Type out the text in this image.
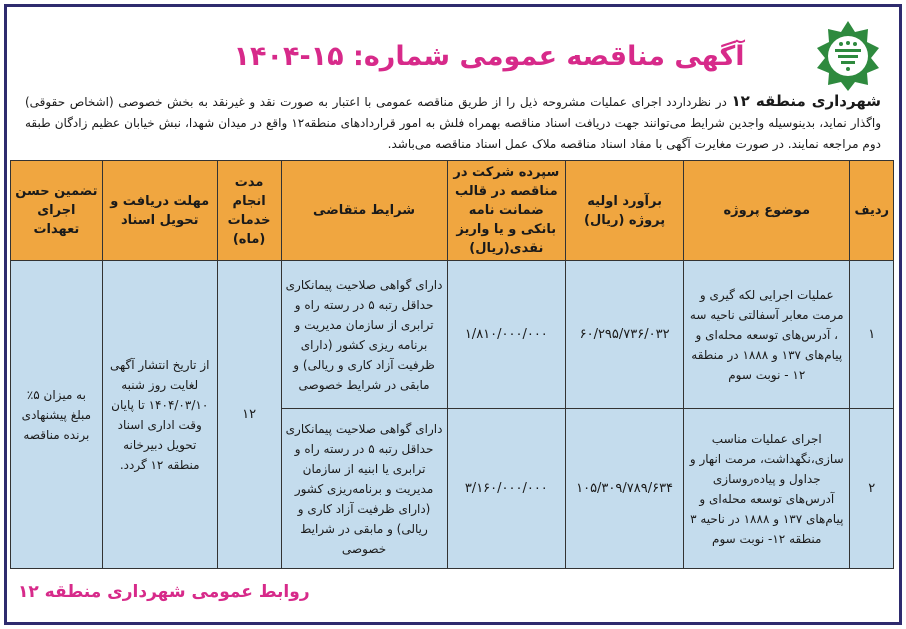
آگهی مناقصه عمومی شماره: ۱۵-۱۴۰۴
شهرداری منطقه ۱۲ در نظرداردد اجرای عملیات مشروحه ذیل را از طریق مناقصه عمومی با اعتبار به صورت نقد و غیرنقد به بخش خصوصی (اشخاص حقوقی) واگذار نماید، بدینوسیله واجدین شرایط می‌توانند جهت دریافت اسناد مناقصه بهمراه فلش به امور قراردادهای منطقه۱۲ واقع در میدان شهدا، نبش خیابان عظیم زادگان طبقه دوم مراجعه نمایند. در صورت مغایرت آگهی با مفاد اسناد مناقصه ملاک عمل اسناد مناقصه می‌باشد.
ردیف	موضوع پروژه	برآورد اولیه پروژه (ریال)	سپرده شرکت در مناقصه در قالب ضمانت نامه بانکی و یا واریز نقدی(ریال)	شرایط متقاضی	مدت انجام خدمات (ماه)	مهلت دریافت و تحویل اسناد	تضمین حسن اجرای تعهدات
۱	عملیات اجرایی لکه گیری و مرمت معابر آسفالتی ناحیه سه ، آدرس‌های توسعه محله‌ای و پیام‌های ۱۳۷ و ۱۸۸۸ در منطقه ۱۲ - نوبت سوم	۶۰/۲۹۵/۷۳۶/۰۳۲	۱/۸۱۰/۰۰۰/۰۰۰	دارای گواهی صلاحیت پیمانکاری حداقل رتبه ۵ در رسته راه و ترابری از سازمان مدیریت و برنامه ریزی کشور (دارای ظرفیت آزاد کاری و ریالی) و مابقی در شرایط خصوصی	۱۲	از تاریخ انتشار آگهی لغایت روز شنبه ۱۴۰۴/۰۳/۱۰ تا پایان وقت اداری اسناد تحویل دبیرخانه منطقه ۱۲ گردد.	به میزان ۵٪ مبلغ پیشنهادی برنده مناقصه
۲	اجرای عملیات مناسب سازی،نگهداشت، مرمت انهار و جداول و پیاده‌روسازی آدرس‌های توسعه محله‌ای و پیام‌های ۱۳۷ و ۱۸۸۸ در ناحیه ۳ منطقه ۱۲- نوبت سوم	۱۰۵/۳۰۹/۷۸۹/۶۳۴	۳/۱۶۰/۰۰۰/۰۰۰	دارای گواهی صلاحیت پیمانکاری حداقل رتبه ۵ در رسته راه و ترابری یا ابنیه از سازمان مدیریت و برنامه‌ریزی کشور (دارای ظرفیت آزاد کاری و ریالی) و مابقی در شرایط خصوصی			
روابط عمومی شهرداری منطقه ۱۲
